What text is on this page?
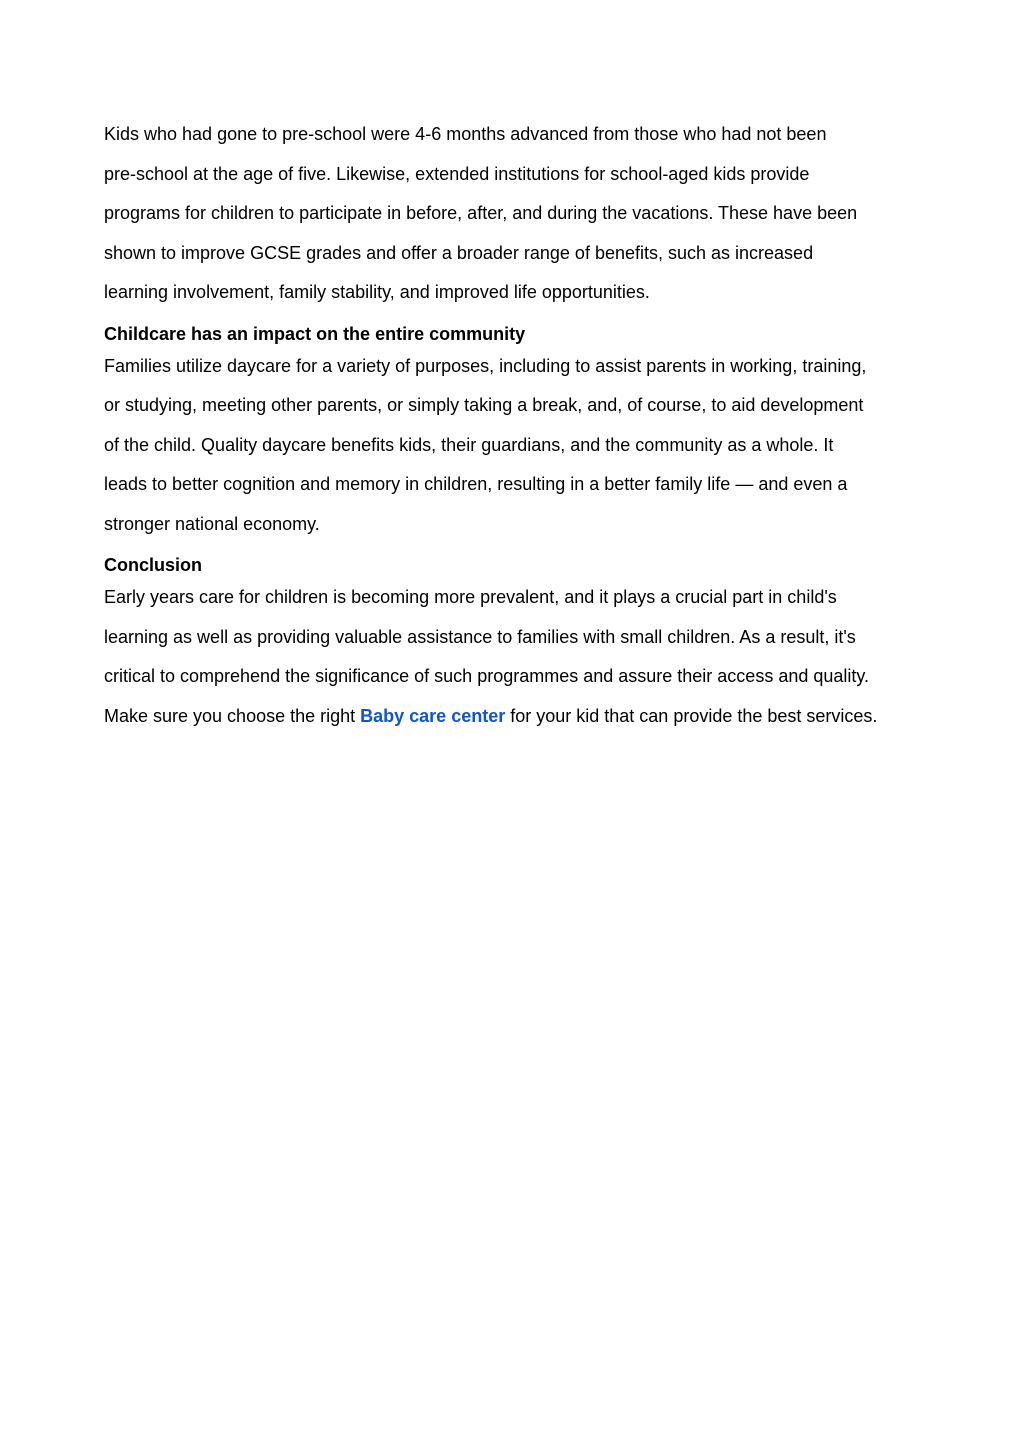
Kids who had gone to pre-school were 4-6 months advanced from those who had not been
pre-school at the age of five. Likewise, extended institutions for school-aged kids provide
programs for children to participate in before, after, and during the vacations. These have been
shown to improve GCSE grades and offer a broader range of benefits, such as increased
learning involvement, family stability, and improved life opportunities.

Childcare has an impact on the entire community

Families utilize daycare for a variety of purposes, including to assist parents in working, training,
or studying, meeting other parents, or simply taking a break, and, of course, to aid development
of the child. Quality daycare benefits kids, their guardians, and the community as a whole. It
leads to better cognition and memory in children, resulting in a better family life — and even a
stronger national economy.

Conclusion

Early years care for children is becoming more prevalent, and it plays a crucial part in child's
learning as well as providing valuable assistance to families with small children. As a result, it's
critical to comprehend the significance of such programmes and assure their access and quality.
Make sure you choose the right Baby care center for your kid that can provide the best services.
